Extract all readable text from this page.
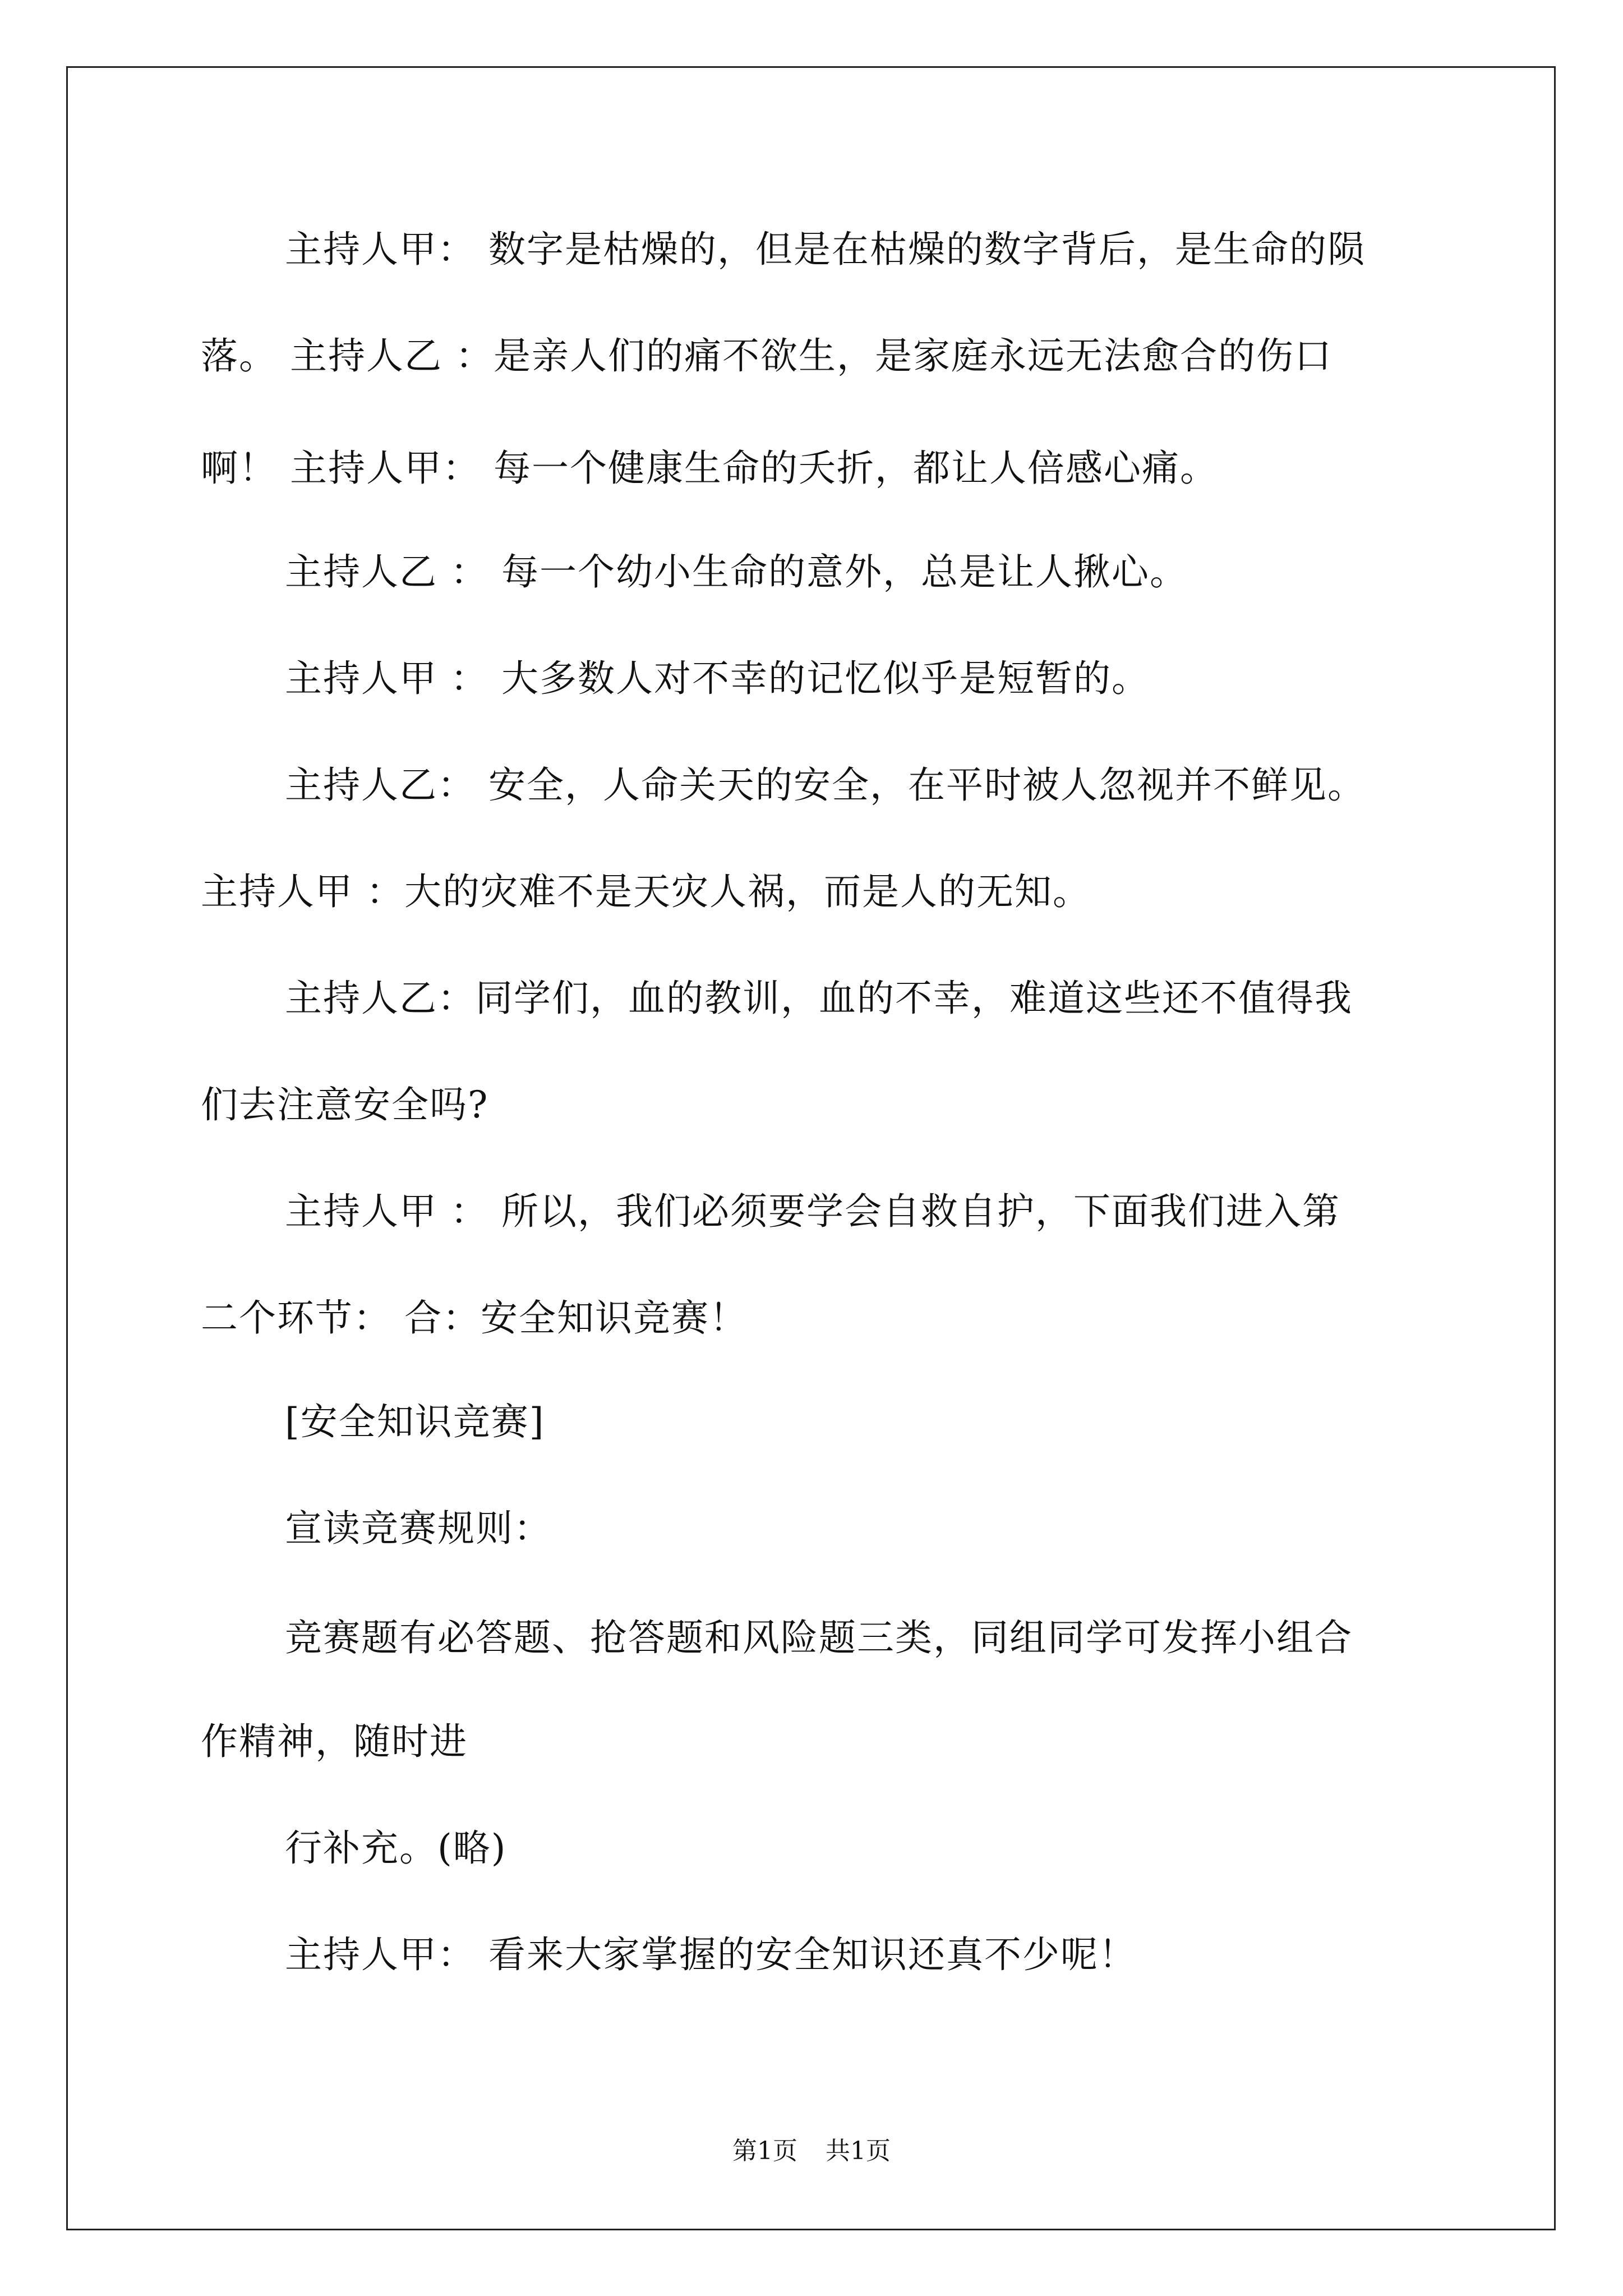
主持人甲： 数字是枯燥的，但是在枯燥的数字背后，是生命的陨
落。 主持人乙 ：是亲人们的痛不欲生，是家庭永远无法愈合的伤口
啊！ 主持人甲： 每一个健康生命的夭折，都让人倍感心痛。
主持人乙 ： 每一个幼小生命的意外，总是让人揪心。
主持人甲 ： 大多数人对不幸的记忆似乎是短暂的。
主持人乙： 安全，人命关天的安全，在平时被人忽视并不鲜见。
主持人甲 ：大的灾难不是天灾人祸，而是人的无知。
主持人乙：同学们，血的教训，血的不幸，难道这些还不值得我
们去注意安全吗?
主持人甲 ： 所以，我们必须要学会自救自护，下面我们进入第
二个环节： 合：安全知识竞赛！
[安全知识竞赛]
宣读竞赛规则：
竞赛题有必答题、抢答题和风险题三类，同组同学可发挥小组合
作精神，随时进
行补充。(略)
主持人甲： 看来大家掌握的安全知识还真不少呢！
第1页 共1页
